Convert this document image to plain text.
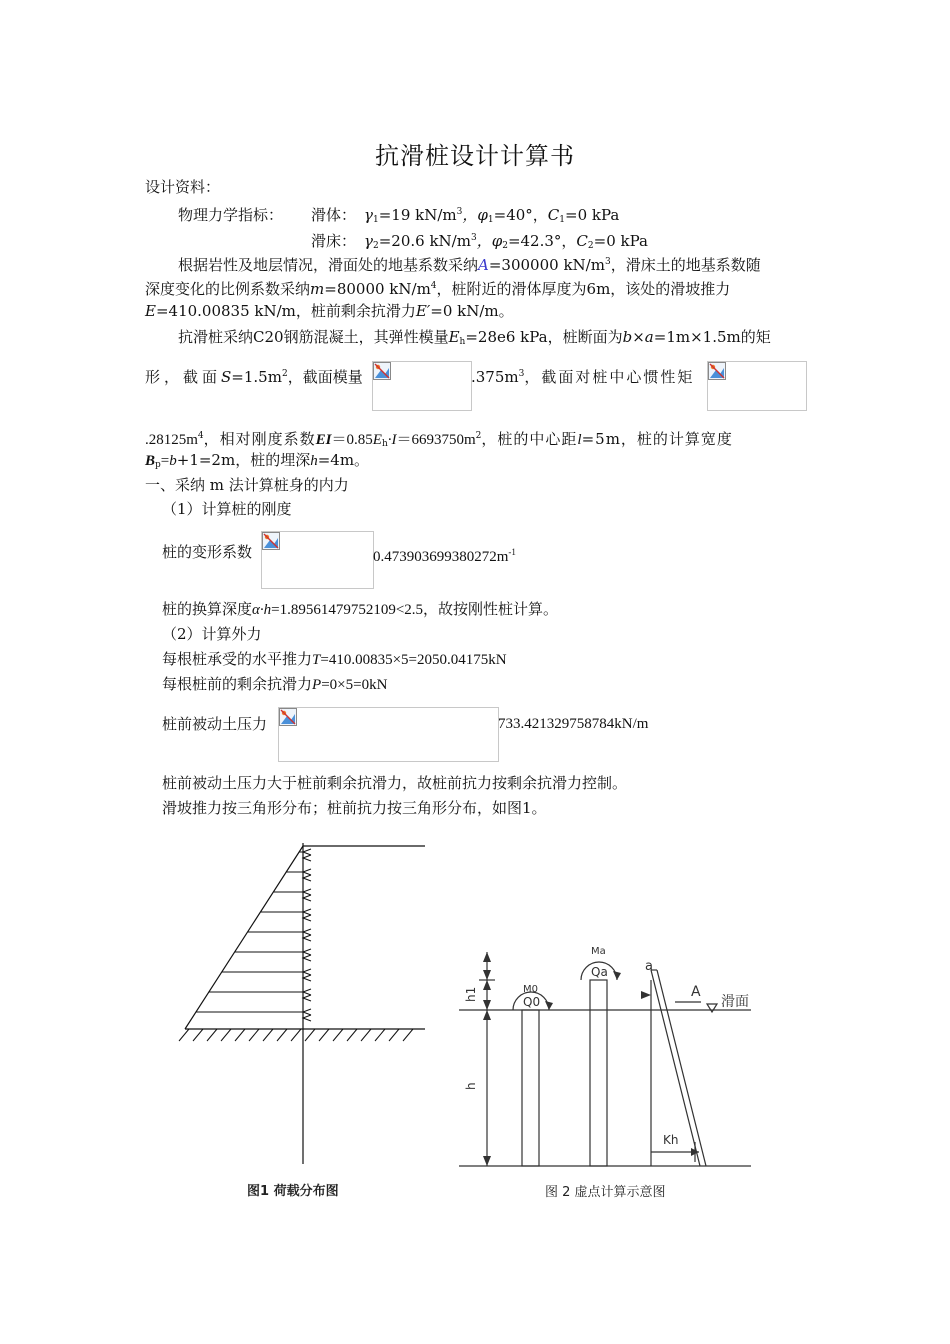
抗滑桩设计计算书
设计资料：
物理力学指标： 滑体： $\gamma_1=19$ $kN/m^3$，$\varphi_1=40^\circ$，$C_1=0$ kPa
滑床： $\gamma_2=20.6$ $kN/m^3$，$\varphi_2=42.3^\circ$，$C_2=0$ kPa
根据岩性及地层情况，滑面处的地基系数采纳A=300000 $kN/m^3$，滑床土的地基系数随
深度变化的比例系数采纳m=80000 $kN/m^4$，桩附近的滑体厚度为6m，该处的滑坡推力
E=410.00835 kN/m，桩前剩余抗滑力E′=0 kN/m。
抗滑桩采纳C20钢筋混凝土，其弹性模量$E_h=28e6$ kPa，桩断面为b×a=1m×1.5m的矩
形，截面$S=1.5m^2$，截面模量	$.375m^3$，截面对桩中心惯性矩
$.28125m^4$，相对刚度系数$EI=0.85E_h\cdot I=6693750m^2$，桩的中心距l=5m，桩的计算宽度
$B_p=b+1=2m$，桩的埋深h=4m。
一、采纳 m 法计算桩身的内力
（1）计算桩的刚度
桩的变形系数	$0.473903699380272m^{-1}$
桩的换算深度α·h=1.89561479752109<2.5，故按刚性桩计算。
（2）计算外力
每根桩承受的水平推力T=410.00835×5=2050.04175kN
每根桩前的剩余抗滑力P=0×5=0kN
桩前被动土压力	733.421329758784kN/m
桩前被动土压力大于桩前剩余抗滑力，故桩前抗力按剩余抗滑力控制。
滑坡推力按三角形分布；桩前抗力按三角形分布，如图1。
图1 荷载分布图
h1
h
M0
Q0
Ma
Qa	a
A
滑面
Kh
图 2 虚点计算示意图
